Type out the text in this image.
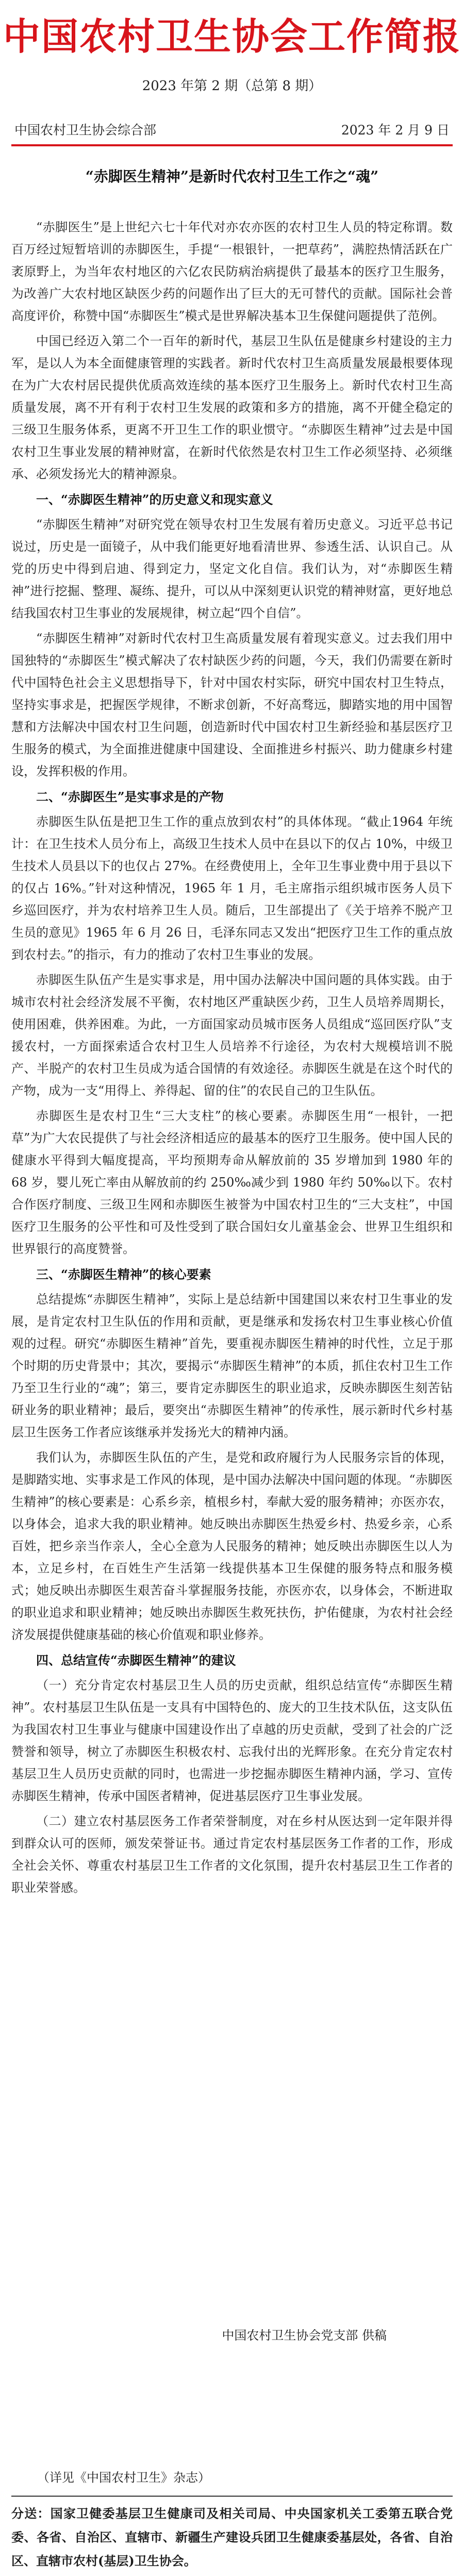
中国农村卫生协会工作简报
2023 年第 2 期（总第 8 期）
中国农村卫生协会综合部	2023 年 2 月 9 日
“赤脚医生精神”是新时代农村卫生工作之“魂”

“赤脚医生”是上世纪六七十年代对亦农亦医的农村卫生人员的特定称谓。数百万经过短暂培训的赤脚医生，手提“一根银针，一把草药”，满腔热情活跃在广袤原野上，为当年农村地区的六亿农民防病治病提供了最基本的医疗卫生服务，为改善广大农村地区缺医少药的问题作出了巨大的无可替代的贡献。国际社会普高度评价，称赞中国“赤脚医生”模式是世界解决基本卫生保健问题提供了范例。

中国已经迈入第二个一百年的新时代，基层卫生队伍是健康乡村建设的主力军，是以人为本全面健康管理的实践者。新时代农村卫生高质量发展最根要体现在为广大农村居民提供优质高效连续的基本医疗卫生服务上。新时代农村卫生高质量发展，离不开有利于农村卫生发展的政策和多方的措施，离不开健全稳定的三级卫生服务体系，更离不开卫生工作的职业惯守。“赤脚医生精神”过去是中国农村卫生事业发展的精神财富，在新时代依然是农村卫生工作必须坚持、必须继承、必须发扬光大的精神源泉。

一、“赤脚医生精神”的历史意义和现实意义

“赤脚医生精神”对研究党在领导农村卫生发展有着历史意义。习近平总书记说过，历史是一面镜子，从中我们能更好地看清世界、参透生活、认识自己。从党的历史中得到启迪、得到定力，坚定文化自信。我们认为，对“赤脚医生精神”进行挖掘、整理、凝练、提升，可以从中深刻更认识党的精神财富，更好地总结我国农村卫生事业的发展规律，树立起“四个自信”。

“赤脚医生精神”对新时代农村卫生高质量发展有着现实意义。过去我们用中国独特的“赤脚医生”模式解决了农村缺医少药的问题，今天，我们仍需要在新时代中国特色社会主义思想指导下，针对中国农村实际，研究中国农村卫生特点，坚持实事求是，把握医学规律，不断求创新，不好高骛远，脚踏实地的用中国智慧和方法解决中国农村卫生问题，创造新时代中国农村卫生新经验和基层医疗卫生服务的模式，为全面推进健康中国建设、全面推进乡村振兴、助力健康乡村建设，发挥积极的作用。

二、“赤脚医生”是实事求是的产物

赤脚医生队伍是把卫生工作的重点放到农村”的具体体现。“截止1964 年统计：在卫生技术人员分布上，高级卫生技术人员中在县以下的仅占 10%，中级卫生技术人员县以下的也仅占 27%。在经费使用上，全年卫生事业费中用于县以下的仅占 16%。”针对这种情况，1965 年 1 月，毛主席指示组织城市医务人员下乡巡回医疗，并为农村培养卫生人员。随后，卫生部提出了《关于培养不脱产卫生员的意见》1965 年 6 月 26 日，毛泽东同志又发出“把医疗卫生工作的重点放到农村去。”的指示，有力的推动了农村卫生事业的发展。

赤脚医生队伍产生是实事求是，用中国办法解决中国问题的具体实践。由于城市农村社会经济发展不平衡，农村地区严重缺医少药，卫生人员培养周期长，使用困难，供养困难。为此，一方面国家动员城市医务人员组成“巡回医疗队”支援农村，一方面探索适合农村卫生人员培养不行途径，为农村大规模培训不脱产、半脱产的农村卫生员成为适合国情的有效途径。赤脚医生就是在这个时代的产物，成为一支“用得上、养得起、留的住”的农民自己的卫生队伍。

赤脚医生是农村卫生“三大支柱”的核心要素。赤脚医生用“一根针，一把草”为广大农民提供了与社会经济相适应的最基本的医疗卫生服务。使中国人民的健康水平得到大幅度提高，平均预期寿命从解放前的 35 岁增加到 1980 年的 68 岁，婴儿死亡率由从解放前的约 250‰减少到 1980 年约 50‰以下。农村合作医疗制度、三级卫生网和赤脚医生被誉为中国农村卫生的“三大支柱”，中国医疗卫生服务的公平性和可及性受到了联合国妇女儿童基金会、世界卫生组织和世界银行的高度赞誉。

三、“赤脚医生精神”的核心要素

总结提炼“赤脚医生精神”，实际上是总结新中国建国以来农村卫生事业的发展，是肯定农村卫生队伍的作用和贡献，更是继承和发扬农村卫生事业核心价值观的过程。研究“赤脚医生精神”首先，要重视赤脚医生精神的时代性，立足于那个时期的历史背景中；其次，要揭示“赤脚医生精神”的本质，抓住农村卫生工作乃至卫生行业的“魂”；第三，要肯定赤脚医生的职业追求，反映赤脚医生刻苦钻研业务的职业精神；最后，要突出“赤脚医生精神”的传承性，展示新时代乡村基层卫生医务工作者应该继承并发扬光大的精神内涵。

我们认为，赤脚医生队伍的产生，是党和政府履行为人民服务宗旨的体现，是脚踏实地、实事求是工作风的体现，是中国办法解决中国问题的体现。“赤脚医生精神”的核心要素是：心系乡亲，植根乡村，奉献大爱的服务精神；亦医亦农，以身体会，追求大我的职业精神。她反映出赤脚医生热爱乡村、热爱乡亲，心系百姓，把乡亲当作亲人，全心全意为人民服务的精神；她反映出赤脚医生以人为本，立足乡村，在百姓生产生活第一线提供基本卫生保健的服务特点和服务模式；她反映出赤脚医生艰苦奋斗掌握服务技能，亦医亦农，以身体会，不断进取的职业追求和职业精神；她反映出赤脚医生救死扶伤，护佑健康，为农村社会经济发展提供健康基础的核心价值观和职业修养。

四、总结宣传“赤脚医生精神”的建议

（一）充分肯定农村基层卫生人员的历史贡献，组织总结宣传“赤脚医生精神”。农村基层卫生队伍是一支具有中国特色的、庞大的卫生技术队伍，这支队伍为我国农村卫生事业与健康中国建设作出了卓越的历史贡献，受到了社会的广泛赞誉和领导，树立了赤脚医生积极农村、忘我付出的光辉形象。在充分肯定农村基层卫生人员历史贡献的同时，也需进一步挖掘赤脚医生精神内涵，学习、宣传赤脚医生精神，传承中国医者精神，促进基层医疗卫生事业发展。

（二）建立农村基层医务工作者荣誉制度，对在乡村从医达到一定年限并得到群众认可的医师，颁发荣誉证书。通过肯定农村基层医务工作者的工作，形成全社会关怀、尊重农村基层卫生工作者的文化氛围，提升农村基层卫生工作者的职业荣誉感。

中国农村卫生协会党支部 供稿
（详见《中国农村卫生》杂志）
分送：国家卫健委基层卫生健康司及相关司局、中央国家机关工委第五联合党委、各省、自治区、直辖市、新疆生产建设兵团卫生健康委基层处，各省、自治区、直辖市农村(基层)卫生协会。
